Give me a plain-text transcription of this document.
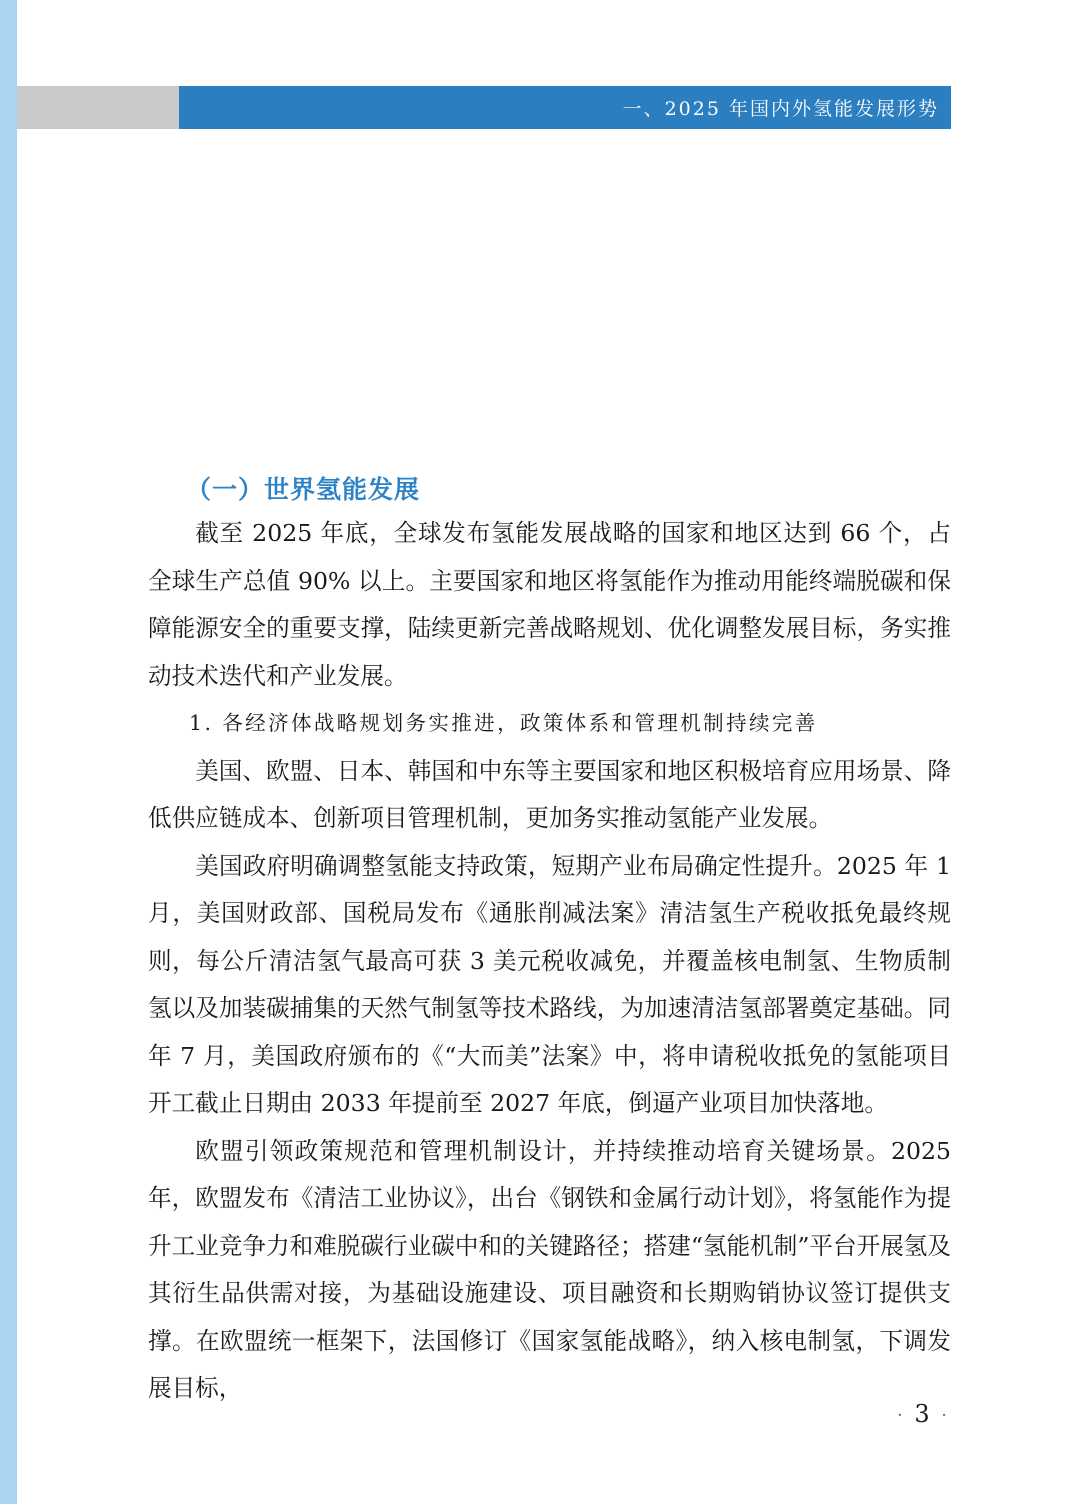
一、2025 年国内外氢能发展形势
（一）世界氢能发展

截至 2025 年底，全球发布氢能发展战略的国家和地区达到 66 个，占全球生产总值 90% 以上。主要国家和地区将氢能作为推动用能终端脱碳和保障能源安全的重要支撑，陆续更新完善战略规划、优化调整发展目标，务实推动技术迭代和产业发展。

1. 各经济体战略规划务实推进，政策体系和管理机制持续完善

美国、欧盟、日本、韩国和中东等主要国家和地区积极培育应用场景、降低供应链成本、创新项目管理机制，更加务实推动氢能产业发展。

美国政府明确调整氢能支持政策，短期产业布局确定性提升。2025 年 1 月，美国财政部、国税局发布《通胀削减法案》清洁氢生产税收抵免最终规则，每公斤清洁氢气最高可获 3 美元税收减免，并覆盖核电制氢、生物质制氢以及加装碳捕集的天然气制氢等技术路线，为加速清洁氢部署奠定基础。同年 7 月，美国政府颁布的《“大而美”法案》中，将申请税收抵免的氢能项目开工截止日期由 2033 年提前至 2027 年底，倒逼产业项目加快落地。

欧盟引领政策规范和管理机制设计，并持续推动培育关键场景。2025 年，欧盟发布《清洁工业协议》，出台《钢铁和金属行动计划》，将氢能作为提升工业竞争力和难脱碳行业碳中和的关键路径；搭建“氢能机制”平台开展氢及其衍生品供需对接，为基础设施建设、项目融资和长期购销协议签订提供支撑。在欧盟统一框架下，法国修订《国家氢能战略》，纳入核电制氢，下调发展目标，

· 3 ·
